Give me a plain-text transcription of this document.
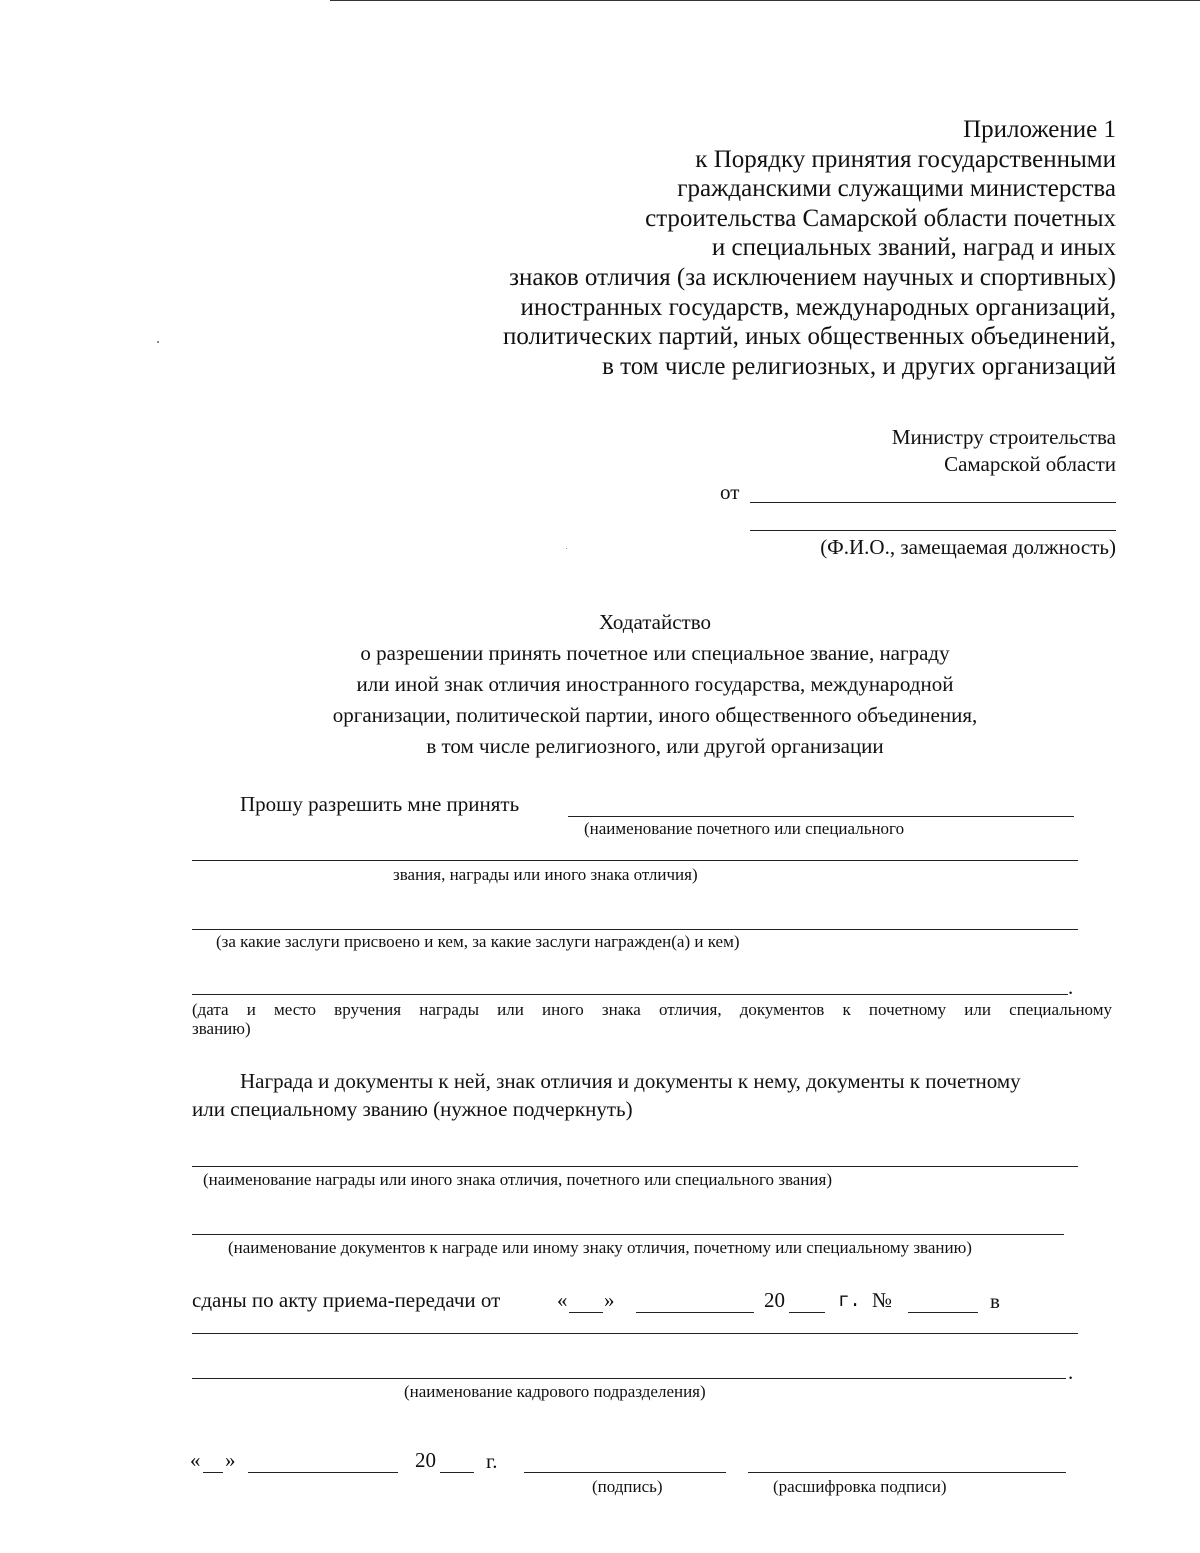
Приложение 1
к Порядку принятия государственными
гражданскими служащими министерства
строительства Самарской области почетных
и специальных званий, наград и иных
знаков отличия (за исключением научных и спортивных)
иностранных государств, международных организаций,
политических партий, иных общественных объединений,
в том числе религиозных, и других организаций
Министру строительства
Самарской области
от
(Ф.И.О., замещаемая должность)
Ходатайство
о разрешении принять почетное или специальное звание, награду
или иной знак отличия иностранного государства, международной
организации, политической партии, иного общественного объединения,
в том числе религиозного, или другой организации
Прошу разрешить мне принять
(наименование почетного или специального
звания, награды или иного знака отличия)
(за какие заслуги присвоено и кем, за какие заслуги награжден(а) и кем)
.
(дата и место вручения награды или иного знака отличия, документов к почетному или специальному
званию)
Награда и документы к ней, знак отличия и документы к нему, документы к почетному
или специальному званию (нужное подчеркнуть)
(наименование награды или иного знака отличия, почетного или специального звания)
(наименование документов к награде или иному знаку отличия, почетному или специальному званию)
сданы по акту приема-передачи от	« »	20	г. №	в
.
(наименование кадрового подразделения)
« »	20 г.
(подпись)	(расшифровка подписи)
